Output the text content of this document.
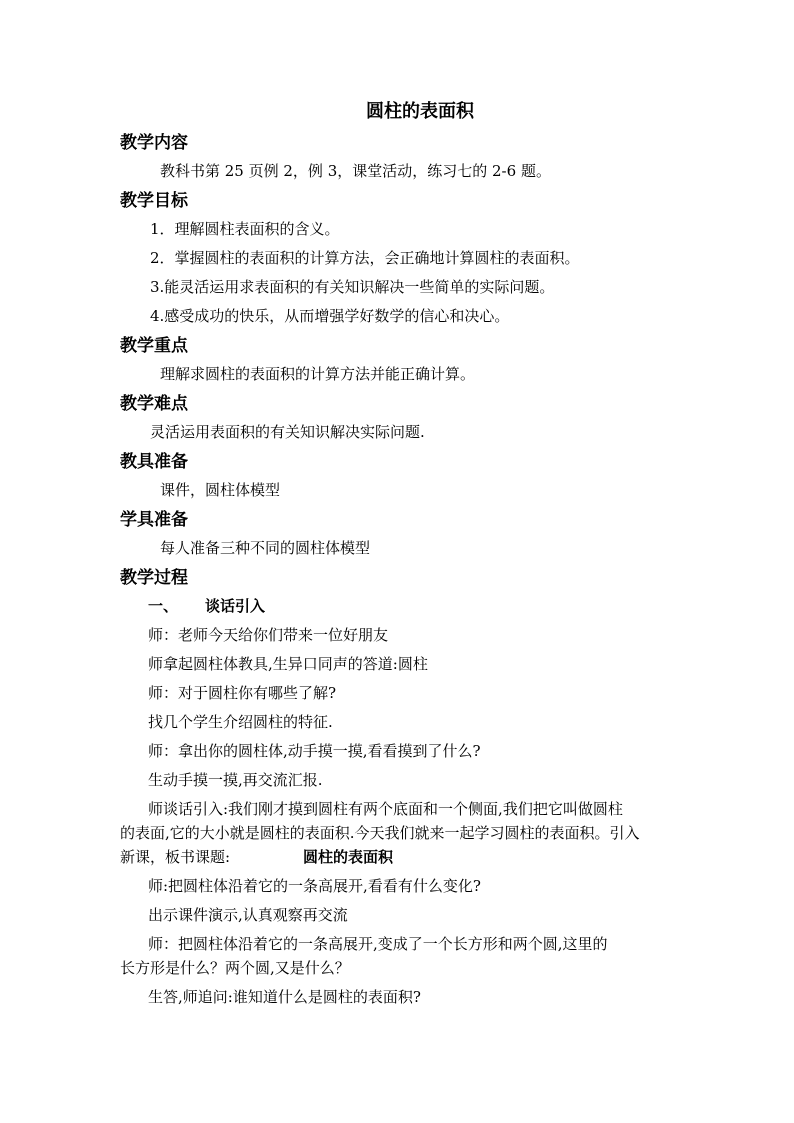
圆柱的表面积
教学内容
教科书第 25 页例 2，例 3，课堂活动，练习七的 2-6 题。
教学目标
1．理解圆柱表面积的含义。
2．掌握圆柱的表面积的计算方法，会正确地计算圆柱的表面积。
3.能灵活运用求表面积的有关知识解决一些简单的实际问题。
4.感受成功的快乐，从而增强学好数学的信心和决心。
教学重点
理解求圆柱的表面积的计算方法并能正确计算。
教学难点
灵活运用表面积的有关知识解决实际问题.
教具准备
课件，圆柱体模型
学具准备
每人准备三种不同的圆柱体模型
教学过程
一、 谈话引入
师：老师今天给你们带来一位好朋友
师拿起圆柱体教具,生异口同声的答道:圆柱
师：对于圆柱你有哪些了解?
找几个学生介绍圆柱的特征.
师：拿出你的圆柱体,动手摸一摸,看看摸到了什么?
生动手摸一摸,再交流汇报.
师谈话引入:我们刚才摸到圆柱有两个底面和一个侧面,我们把它叫做圆柱
的表面,它的大小就是圆柱的表面积.今天我们就来一起学习圆柱的表面积。引入
新课，板书课题:	圆柱的表面积
师:把圆柱体沿着它的一条高展开,看看有什么变化?
出示课件演示,认真观察再交流
师：把圆柱体沿着它的一条高展开,变成了一个长方形和两个圆,这里的
长方形是什么？两个圆,又是什么？
生答,师追问:谁知道什么是圆柱的表面积?
